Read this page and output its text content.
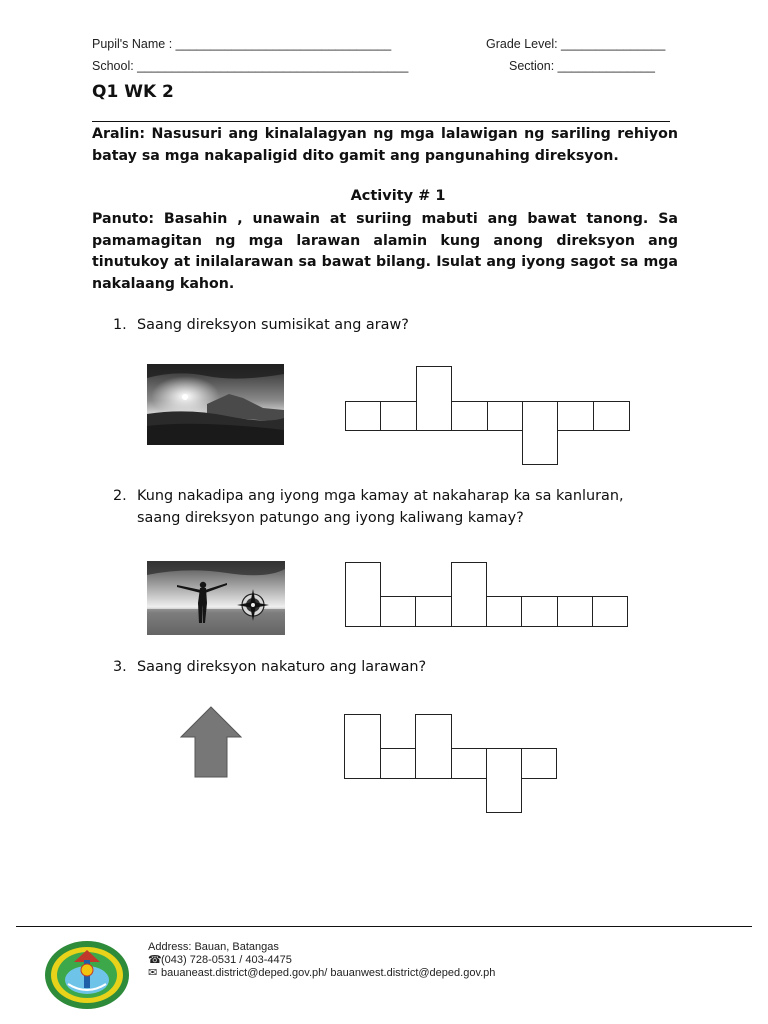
Pupil's Name : _______________________________	Grade Level: _______________
School: _______________________________________	Section: ______________
Q1 WK 2
Aralin: Nasusuri ang kinalalagyan ng mga lalawigan ng sariling rehiyon batay sa mga nakapaligid dito gamit ang pangunahing direksyon.
Activity # 1
Panuto: Basahin , unawain at suriing mabuti ang bawat tanong. Sa pamamagitan ng mga larawan alamin kung anong direksyon ang tinutukoy at inilalarawan sa bawat bilang. Isulat ang iyong sagot sa mga nakalaang kahon.
1. Saang direksyon sumisikat ang araw?
2. Kung nakadipa ang iyong mga kamay at nakaharap ka sa kanluran,
saang direksyon patungo ang iyong kaliwang kamay?
3. Saang direksyon nakaturo ang larawan?
Address: Bauan, Batangas
☎(043) 728-0531 / 403-4475
✉ bauaneast.district@deped.gov.ph/ bauanwest.district@deped.gov.ph
